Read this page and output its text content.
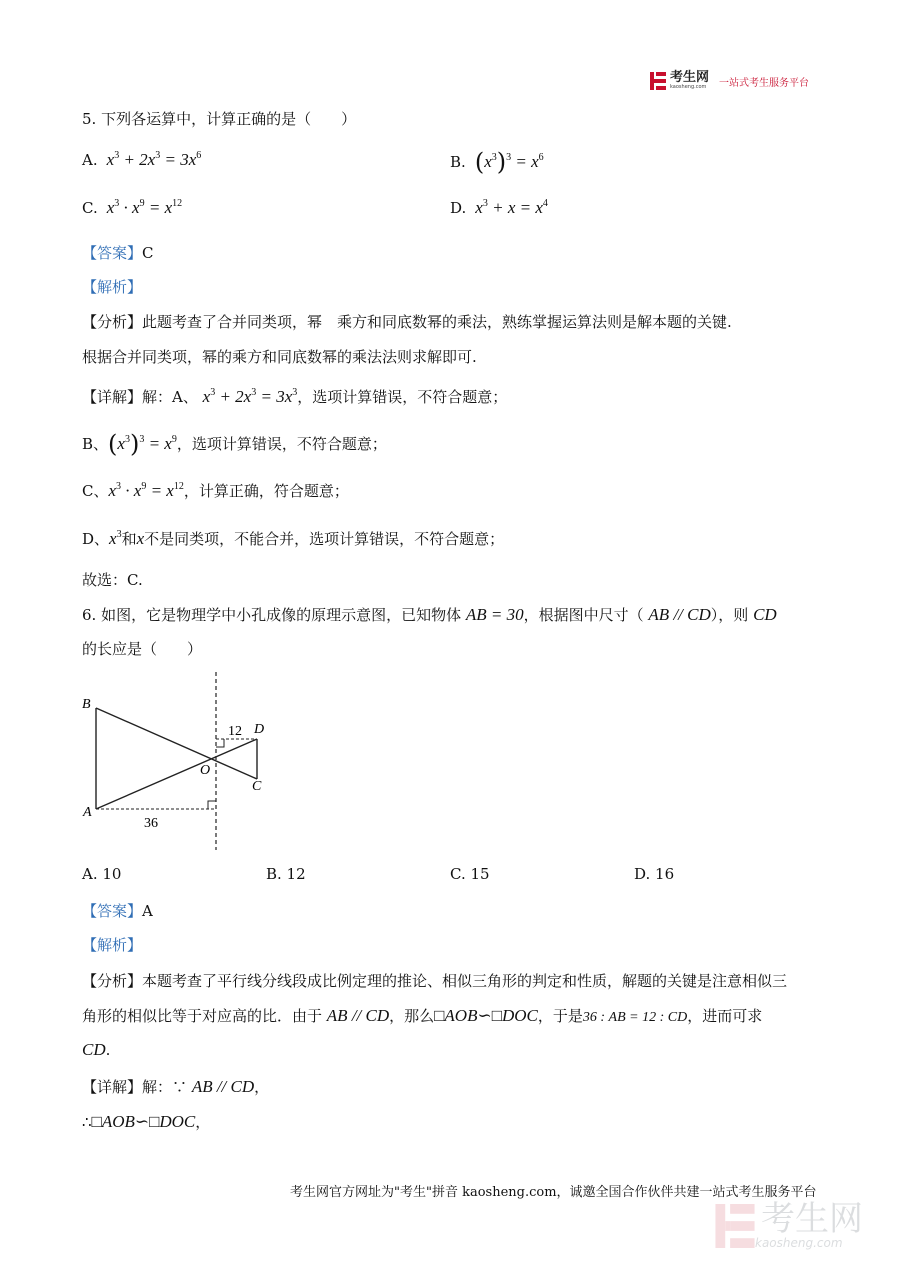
考生网
kaosheng.com 一站式考生服务平台
5. 下列各运算中，计算正确的是（　　）
A.  $x^3 + 2x^3 = 3x^6$	B. $(x^3)^3 = x^6$
C.  $x^3 \cdot x^9 = x^{12}$	D.  $x^3 + x = x^4$
【答案】C
【解析】
【分析】此题考查了合并同类项，幂　乘方和同底数幂的乘法，熟练掌握运算法则是解本题的关键.
根据合并同类项，幂的乘方和同底数幂的乘法法则求解即可.
【详解】解：A、 $x^3 + 2x^3 = 3x^3$，选项计算错误，不符合题意；
B、$(x^3)^3 = x^9$，选项计算错误，不符合题意；
C、$x^3 \cdot x^9 = x^{12}$，计算正确，符合题意；
D、$x^3$和x不是同类项，不能合并，选项计算错误，不符合题意；
故选：C.
6. 如图，它是物理学中小孔成像的原理示意图，已知物体 AB = 30，根据图中尺寸（ AB // CD），则 CD
的长应是（　　）
B
A
D
C
O
36
12
A. 10	B. 12	C. 15	D. 16
【答案】A
【解析】
【分析】本题考查了平行线分线段成比例定理的推论、相似三角形的判定和性质，解题的关键是注意相似三
角形的相似比等于对应高的比．由于 AB // CD，那么□AOB∽□DOC，于是36 : AB = 12 : CD，进而可求
CD.
【详解】解：∵ AB // CD，
∴□AOB∽□DOC，
考生网官方网址为"考生"拼音 kaosheng.com，诚邀全国合作伙伴共建一站式考生服务平台
考生网
kaosheng.com
